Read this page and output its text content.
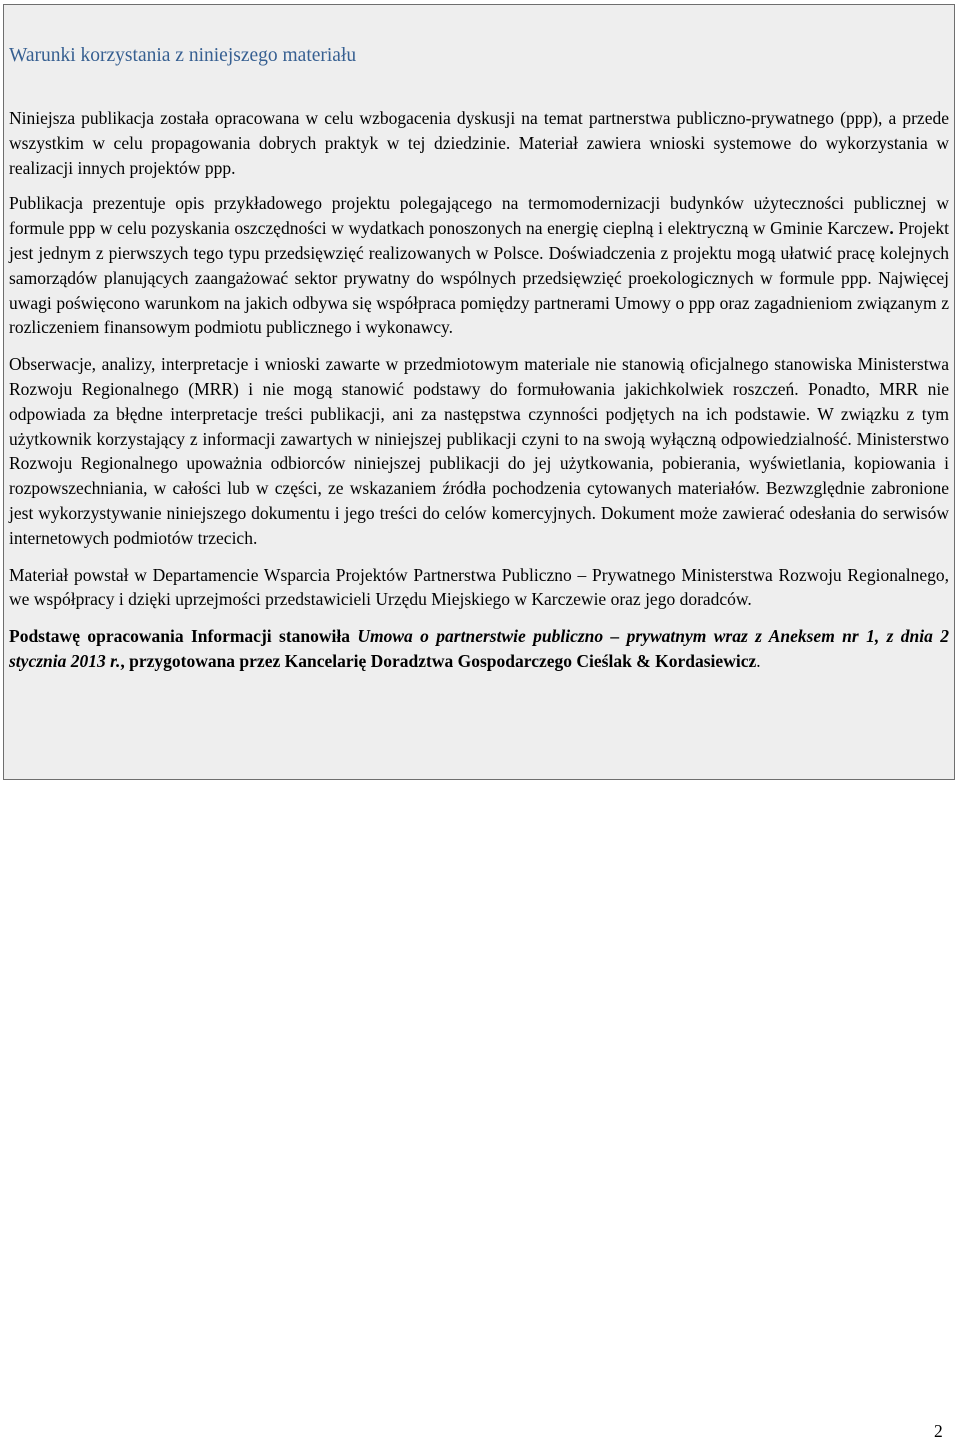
Warunki korzystania z niniejszego materiału

Niniejsza publikacja została opracowana w celu wzbogacenia dyskusji na temat partnerstwa publiczno-prywatnego (ppp), a przede wszystkim w celu propagowania dobrych praktyk w tej dziedzinie. Materiał zawiera wnioski systemowe do wykorzystania w realizacji innych projektów ppp.

Publikacja prezentuje opis przykładowego projektu polegającego na termomodernizacji budynków użyteczności publicznej w formule ppp w celu pozyskania oszczędności w wydatkach ponoszonych na energię cieplną i elektryczną w Gminie Karczew. Projekt jest jednym z pierwszych tego typu przedsięwzięć realizowanych w Polsce. Doświadczenia z projektu mogą ułatwić pracę kolejnych samorządów planujących zaangażować sektor prywatny do wspólnych przedsięwzięć proekologicznych w formule ppp. Najwięcej uwagi poświęcono warunkom na jakich odbywa się współpraca pomiędzy partnerami Umowy o ppp oraz zagadnieniom związanym z rozliczeniem finansowym podmiotu publicznego i wykonawcy.

Obserwacje, analizy, interpretacje i wnioski zawarte w przedmiotowym materiale nie stanowią oficjalnego stanowiska Ministerstwa Rozwoju Regionalnego (MRR) i nie mogą stanowić podstawy do formułowania jakichkolwiek roszczeń. Ponadto, MRR nie odpowiada za błędne interpretacje treści publikacji, ani za następstwa czynności podjętych na ich podstawie. W związku z tym użytkownik korzystający z informacji zawartych w niniejszej publikacji czyni to na swoją wyłączną odpowiedzialność. Ministerstwo Rozwoju Regionalnego upoważnia odbiorców niniejszej publikacji do jej użytkowania, pobierania, wyświetlania, kopiowania i rozpowszechniania, w całości lub w części, ze wskazaniem źródła pochodzenia cytowanych materiałów. Bezwzględnie zabronione jest wykorzystywanie niniejszego dokumentu i jego treści do celów komercyjnych. Dokument może zawierać odesłania do serwisów internetowych podmiotów trzecich.

Materiał powstał w Departamencie Wsparcia Projektów Partnerstwa Publiczno – Prywatnego Ministerstwa Rozwoju Regionalnego, we współpracy i dzięki uprzejmości przedstawicieli Urzędu Miejskiego w Karczewie oraz jego doradców.

Podstawę opracowania Informacji stanowiła Umowa o partnerstwie publiczno – prywatnym wraz z Aneksem nr 1, z dnia 2 stycznia 2013 r., przygotowana przez Kancelarię Doradztwa Gospodarczego Cieślak & Kordasiewicz.

2
